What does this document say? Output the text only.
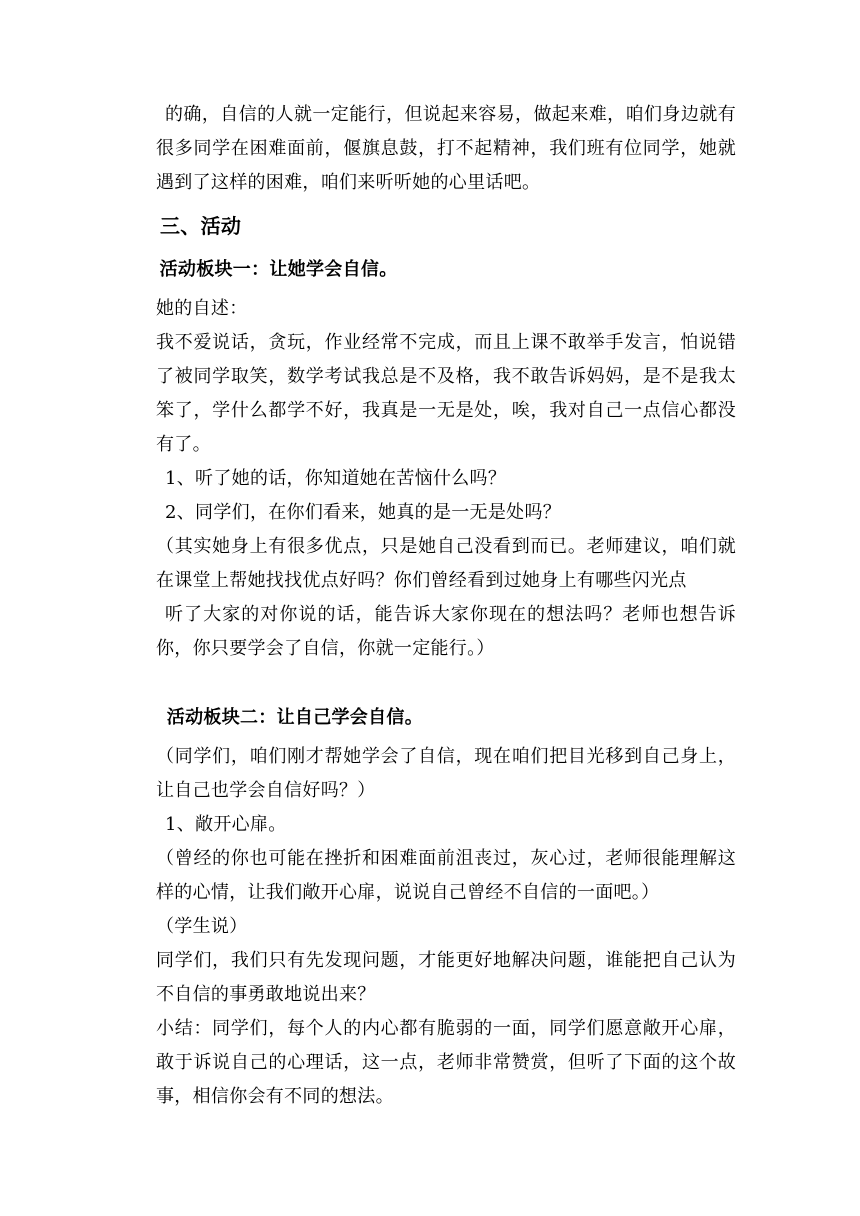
的确，自信的人就一定能行，但说起来容易，做起来难，咱们身边就有很多同学在困难面前，偃旗息鼓，打不起精神，我们班有位同学，她就遇到了这样的困难，咱们来听听她的心里话吧。

三、活动

活动板块一：让她学会自信。

她的自述：

我不爱说话，贪玩，作业经常不完成，而且上课不敢举手发言，怕说错了被同学取笑，数学考试我总是不及格，我不敢告诉妈妈，是不是我太笨了，学什么都学不好，我真是一无是处，唉，我对自己一点信心都没有了。

1、听了她的话，你知道她在苦恼什么吗？

2、同学们，在你们看来，她真的是一无是处吗？

（其实她身上有很多优点，只是她自己没看到而已。老师建议，咱们就在课堂上帮她找找优点好吗？你们曾经看到过她身上有哪些闪光点

听了大家的对你说的话，能告诉大家你现在的想法吗？老师也想告诉你，你只要学会了自信，你就一定能行。）

活动板块二：让自己学会自信。

（同学们，咱们刚才帮她学会了自信，现在咱们把目光移到自己身上，让自己也学会自信好吗？）

1、敞开心扉。

（曾经的你也可能在挫折和困难面前沮丧过，灰心过，老师很能理解这样的心情，让我们敞开心扉，说说自己曾经不自信的一面吧。）

（学生说）

同学们，我们只有先发现问题，才能更好地解决问题，谁能把自己认为不自信的事勇敢地说出来？

小结：同学们，每个人的内心都有脆弱的一面，同学们愿意敞开心扉，敢于诉说自己的心理话，这一点，老师非常赞赏，但听了下面的这个故事，相信你会有不同的想法。
